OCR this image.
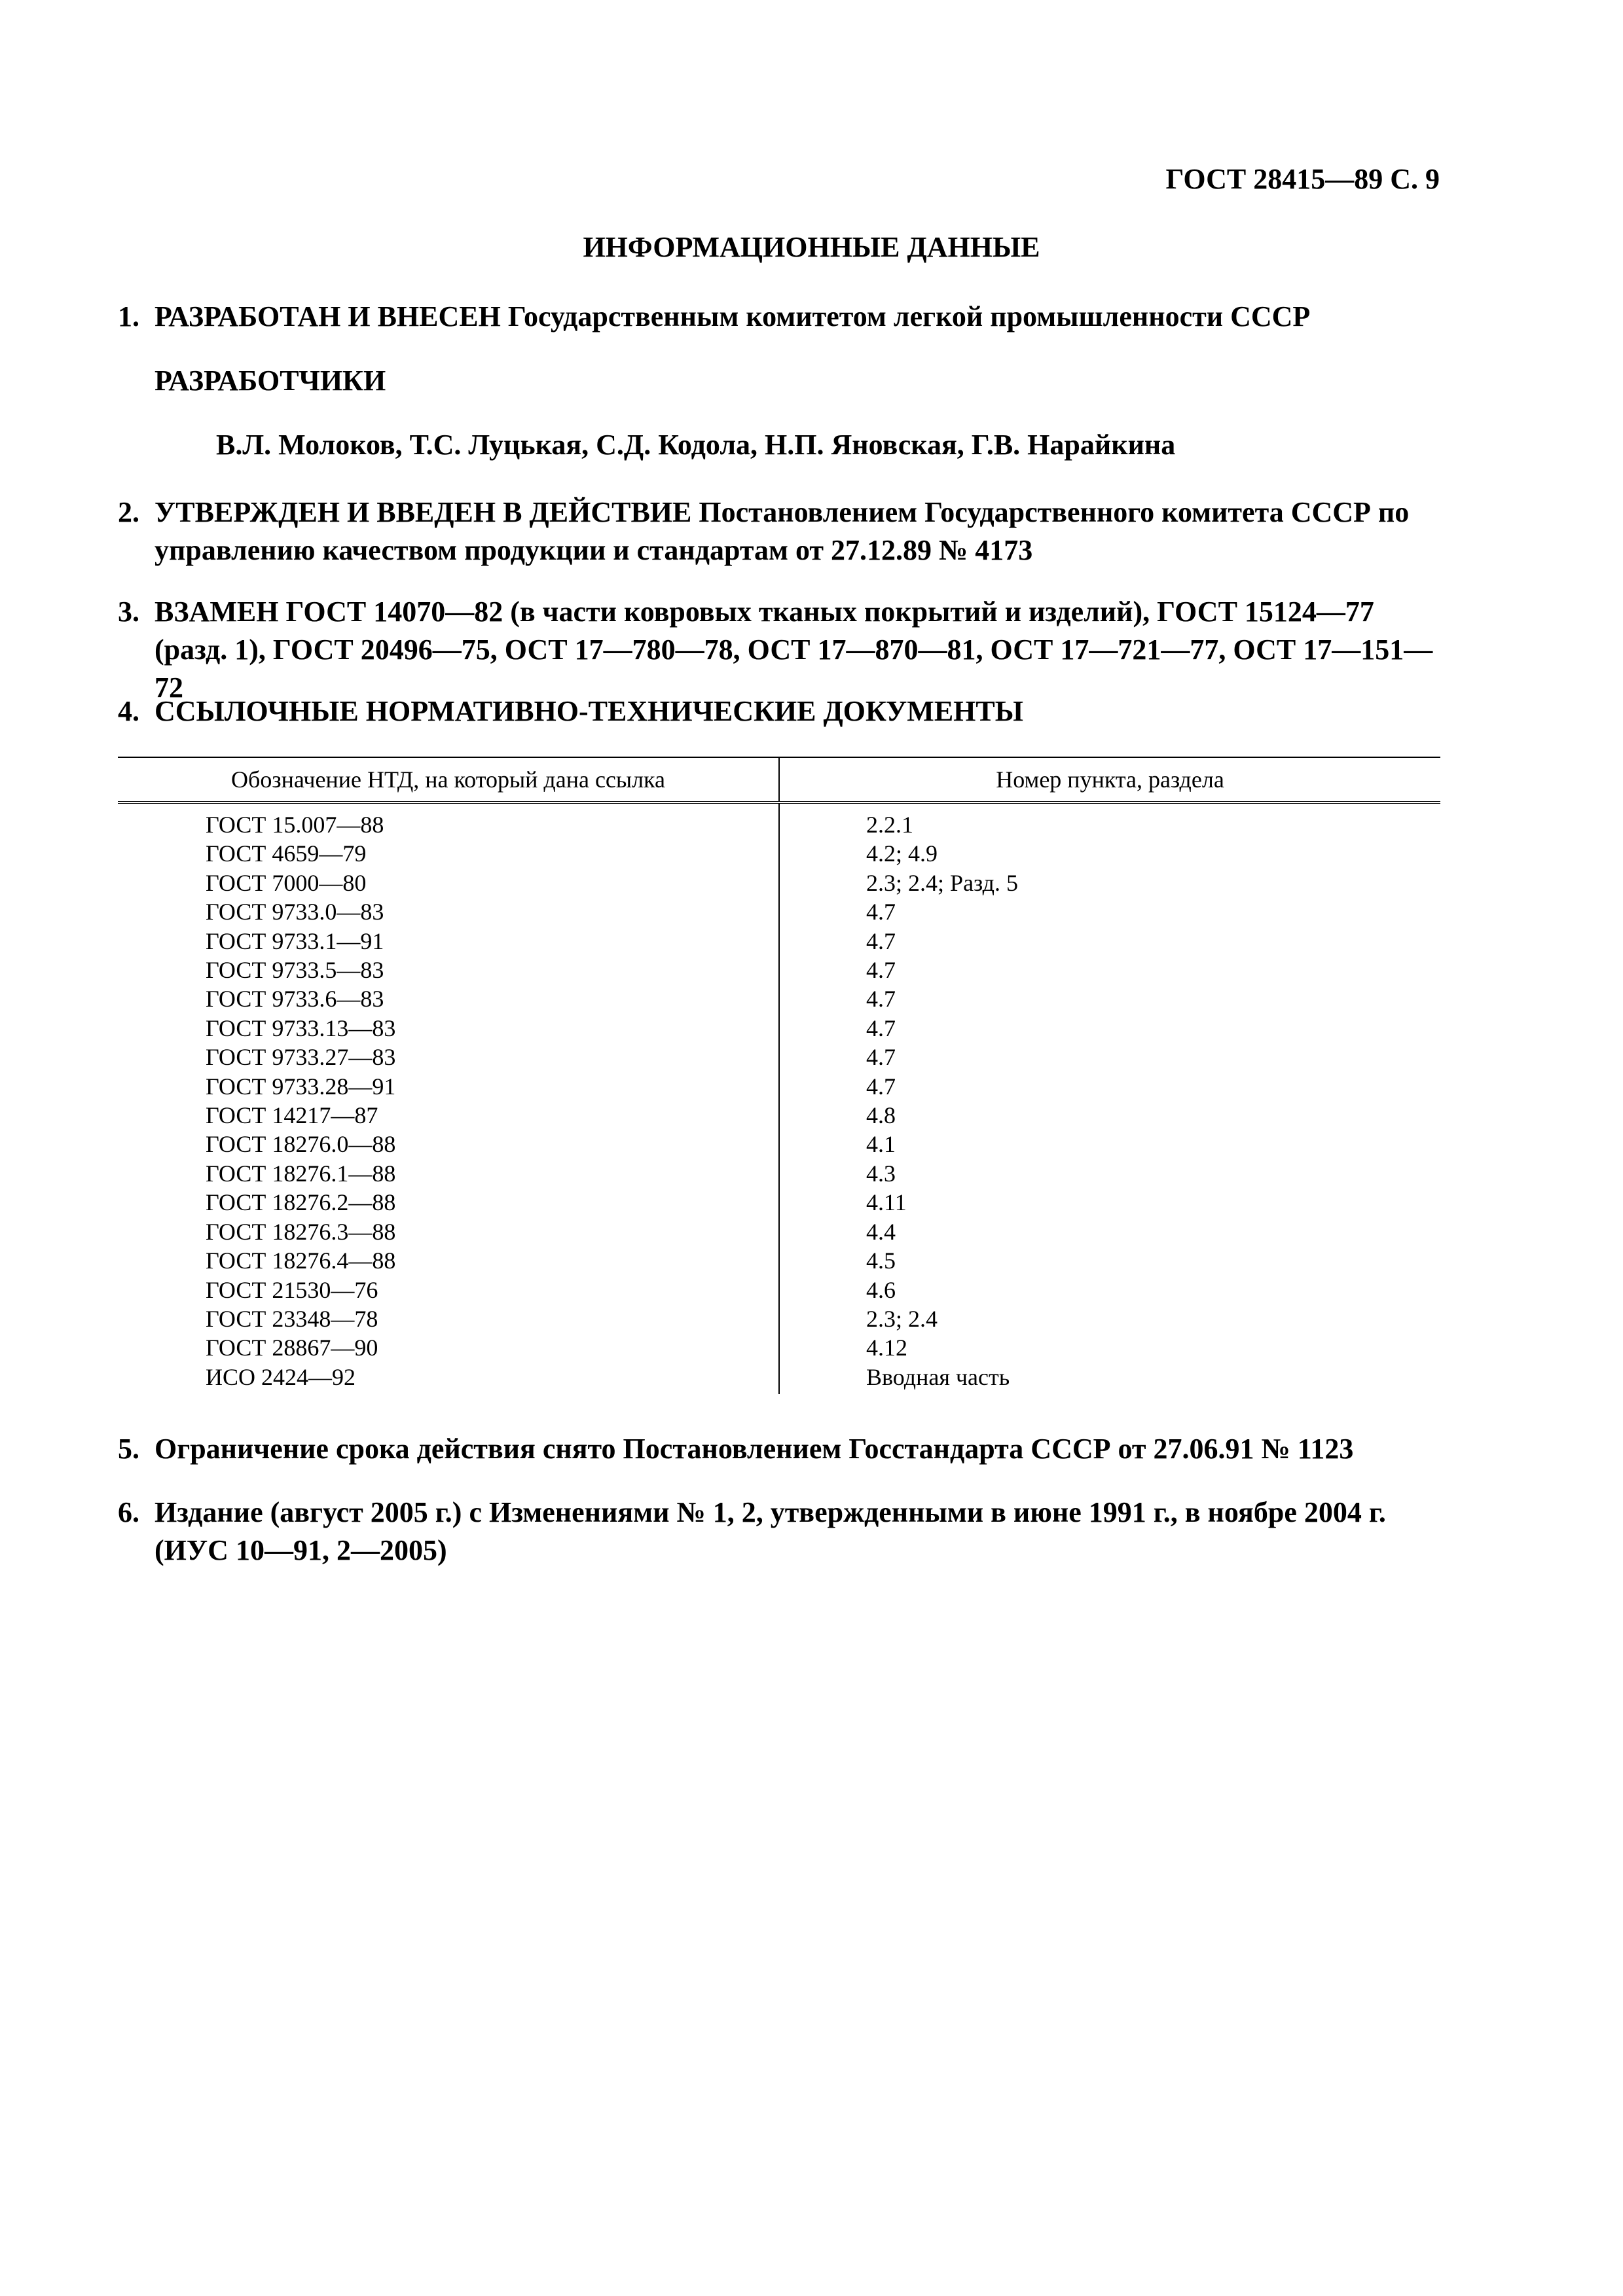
ГОСТ 28415—89 С. 9
ИНФОРМАЦИОННЫЕ ДАННЫЕ
1. РАЗРАБОТАН И ВНЕСЕН Государственным комитетом легкой промышленности СССР
РАЗРАБОТЧИКИ
В.Л. Молоков, Т.С. Луцькая, С.Д. Кодола, Н.П. Яновская, Г.В. Нарайкина
2. УТВЕРЖДЕН И ВВЕДЕН В ДЕЙСТВИЕ Постановлением Государственного комитета СССР по управлению качеством продукции и стандартам от 27.12.89 № 4173
3. ВЗАМЕН ГОСТ 14070—82 (в части ковровых тканых покрытий и изделий), ГОСТ 15124—77 (разд. 1), ГОСТ 20496—75, ОСТ 17—780—78, ОСТ 17—870—81, ОСТ 17—721—77, ОСТ 17—151—72
4. ССЫЛОЧНЫЕ НОРМАТИВНО-ТЕХНИЧЕСКИЕ ДОКУМЕНТЫ
Обозначение НТД, на который дана ссылка	Номер пункта, раздела
ГОСТ 15.007—88	2.2.1
ГОСТ 4659—79	4.2; 4.9
ГОСТ 7000—80	2.3; 2.4; Разд. 5
ГОСТ 9733.0—83	4.7
ГОСТ 9733.1—91	4.7
ГОСТ 9733.5—83	4.7
ГОСТ 9733.6—83	4.7
ГОСТ 9733.13—83	4.7
ГОСТ 9733.27—83	4.7
ГОСТ 9733.28—91	4.7
ГОСТ 14217—87	4.8
ГОСТ 18276.0—88	4.1
ГОСТ 18276.1—88	4.3
ГОСТ 18276.2—88	4.11
ГОСТ 18276.3—88	4.4
ГОСТ 18276.4—88	4.5
ГОСТ 21530—76	4.6
ГОСТ 23348—78	2.3; 2.4
ГОСТ 28867—90	4.12
ИСО 2424—92	Вводная часть
5. Ограничение срока действия снято Постановлением Госстандарта СССР от 27.06.91 № 1123
6. Издание (август 2005 г.) с Изменениями № 1, 2, утвержденными в июне 1991 г., в ноябре 2004 г. (ИУС 10—91, 2—2005)
